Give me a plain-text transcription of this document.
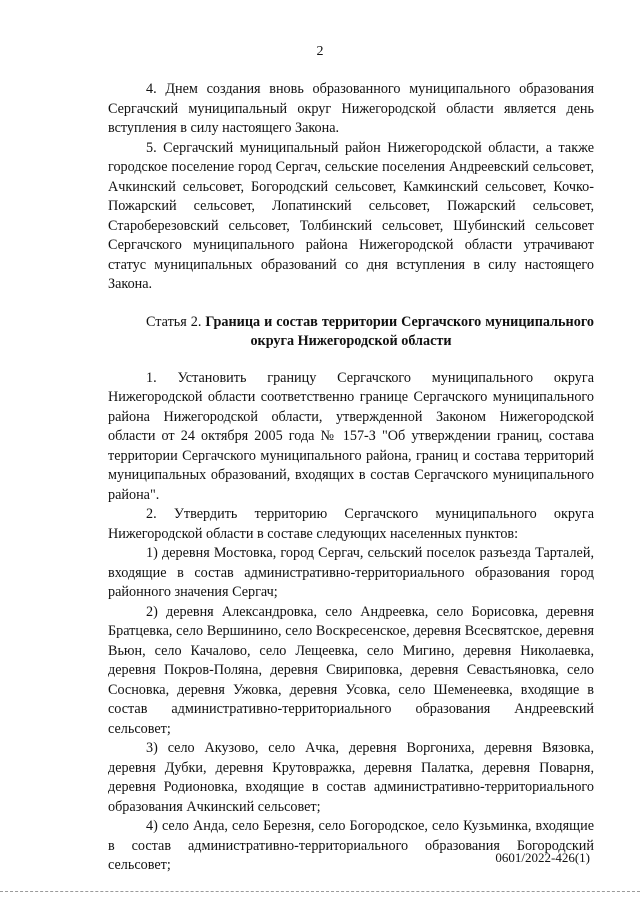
2

4. Днем создания вновь образованного муниципального образования Сергачский муниципальный округ Нижегородской области является день вступления в силу настоящего Закона.

5. Сергачский муниципальный район Нижегородской области, а также городское поселение город Сергач, сельские поселения Андреевский сельсовет, Ачкинский сельсовет, Богородский сельсовет, Камкинский сельсовет, Кочко-Пожарский сельсовет, Лопатинский сельсовет, Пожарский сельсовет, Староберезовский сельсовет, Толбинский сельсовет, Шубинский сельсовет Сергачского муниципального района Нижегородской области утрачивают статус муниципальных образований со дня вступления в силу настоящего Закона.

Статья 2. Граница и состав территории Сергачского муниципального округа Нижегородской области

1. Установить границу Сергачского муниципального округа Нижегородской области соответственно границе Сергачского муниципального района Нижегородской области, утвержденной Законом Нижегородской области от 24 октября 2005 года № 157-З "Об утверждении границ, состава территории Сергачского муниципального района, границ и состава территорий муниципальных образований, входящих в состав Сергачского муниципального района".

2. Утвердить территорию Сергачского муниципального округа Нижегородской области в составе следующих населенных пунктов:

1) деревня Мостовка, город Сергач, сельский поселок разъезда Тарталей, входящие в состав административно-территориального образования город районного значения Сергач;

2) деревня Александровка, село Андреевка, село Борисовка, деревня Братцевка, село Вершинино, село Воскресенское, деревня Всесвятское, деревня Вьюн, село Качалово, село Лещеевка, село Мигино, деревня Николаевка, деревня Покров-Поляна, деревня Свириповка, деревня Севастьяновка, село Сосновка, деревня Ужовка, деревня Усовка, село Шеменеевка, входящие в состав административно-территориального образования Андреевский сельсовет;

3) село Акузово, село Ачка, деревня Воргониха, деревня Вязовка, деревня Дубки, деревня Крутовражка, деревня Палатка, деревня Поварня, деревня Родионовка, входящие в состав административно-территориального образования Ачкинский сельсовет;

4) село Анда, село Березня, село Богородское, село Кузьминка, входящие в состав административно-территориального образования Богородский сельсовет;	0601/2022-426(1)
